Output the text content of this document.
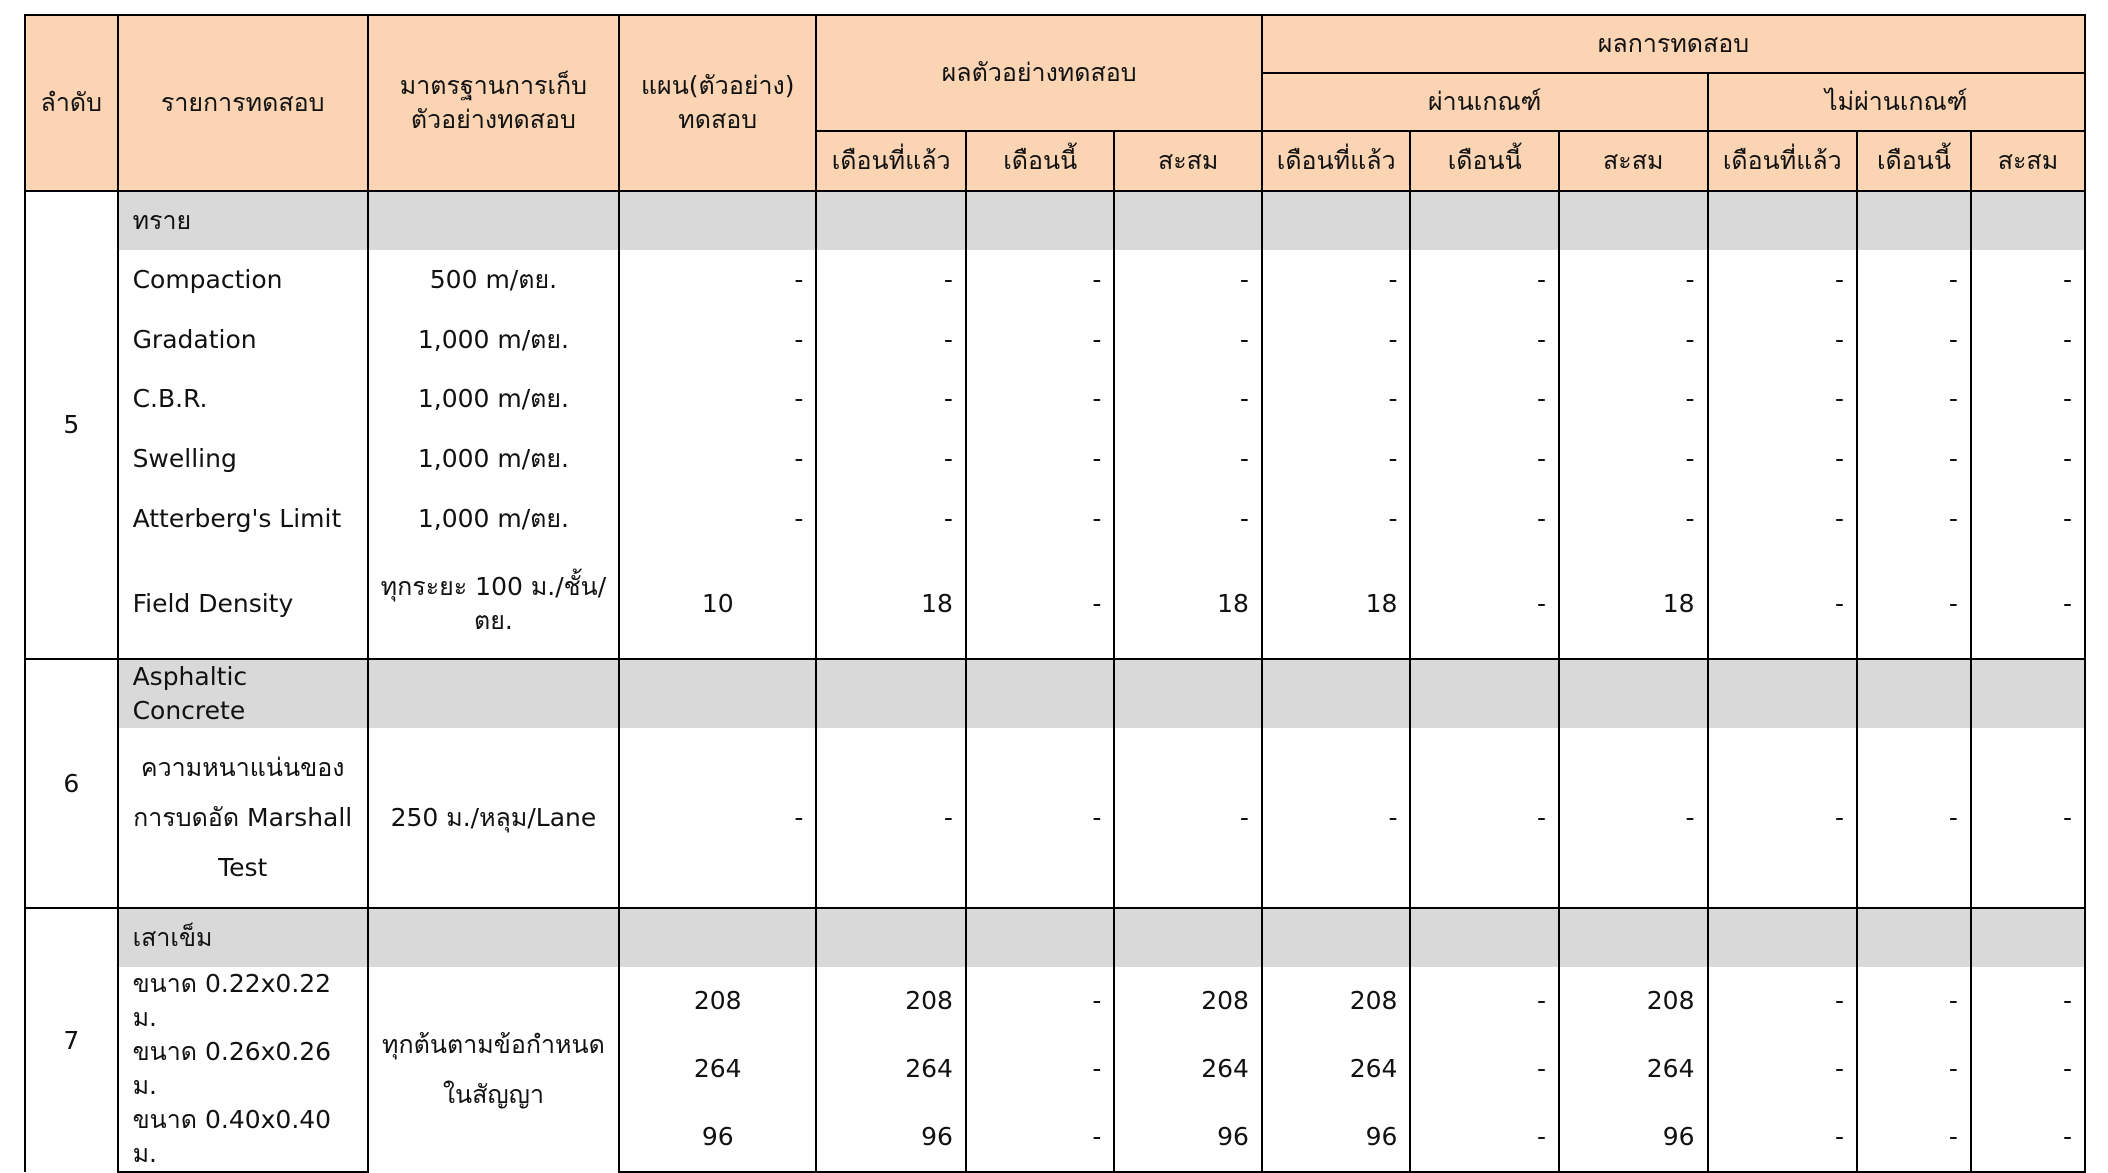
ลำดับ	รายการทดสอบ	มาตรฐานการเก็บ ตัวอย่างทดสอบ	แผน(ตัวอย่าง) ทดสอบ	ผลตัวอย่างทดสอบ			ผลการทดสอบ					
							ผ่านเกณฑ์			ไม่ผ่านเกณฑ์		
				เดือนที่แล้ว	เดือนนี้	สะสม	เดือนที่แล้ว	เดือนนี้	สะสม	เดือนที่แล้ว	เดือนนี้	สะสม
5	ทราย											
	Compaction	500 m/ตย.	-	-	-	-	-	-	-	-	-	-
	Gradation	1,000 m/ตย.	-	-	-	-	-	-	-	-	-	-
	C.B.R.	1,000 m/ตย.	-	-	-	-	-	-	-	-	-	-
	Swelling	1,000 m/ตย.	-	-	-	-	-	-	-	-	-	-
	Atterberg's Limit	1,000 m/ตย.	-	-	-	-	-	-	-	-	-	-
	Field Density	ทุกระยะ 100 ม./ชั้น/ ตย.	10	18	-	18	18	-	18	-	-	-
6	Asphaltic Concrete											
	ความหนาแน่นของ การบดอัด Marshall Test	250 ม./หลุม/Lane	-	-	-	-	-	-	-	-	-	-
7	เสาเข็ม											
	ขนาด 0.22x0.22 ม.	ทุกต้นตามข้อกำหนด ในสัญญา	208	208	-	208	208	-	208	-	-	-
	ขนาด 0.26x0.26 ม.		264	264	-	264	264	-	264	-	-	-
	ขนาด 0.40x0.40 ม.		96	96	-	96	96	-	96	-	-	-
